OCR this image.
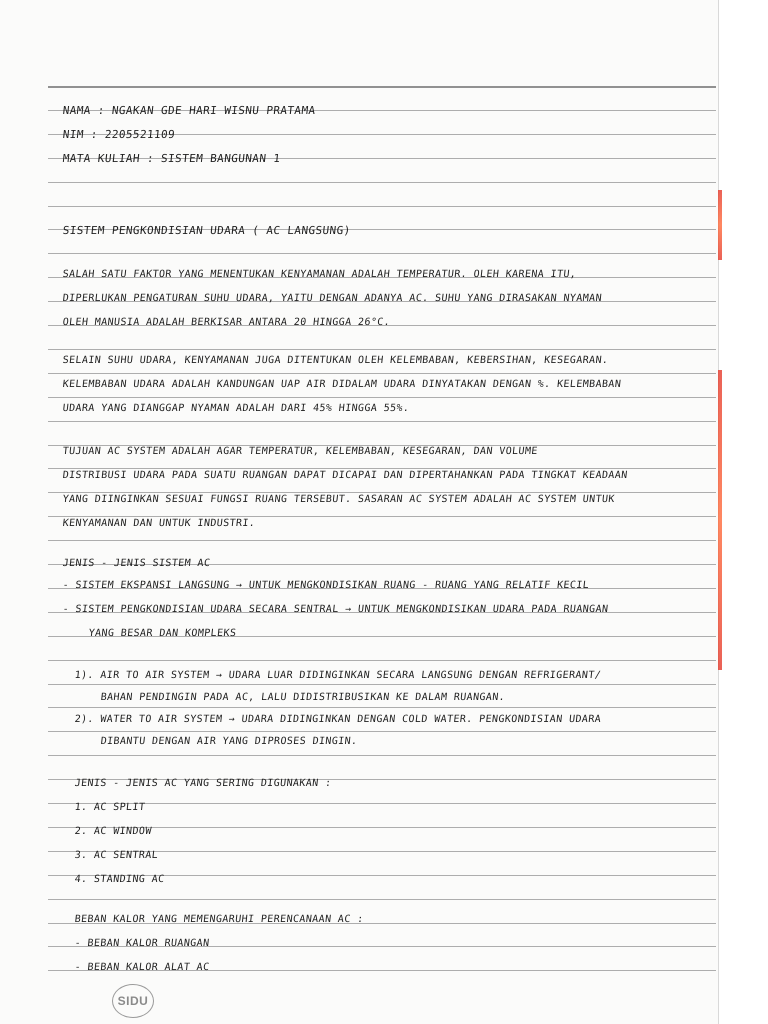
NAMA : NGAKAN GDE HARI WISNU PRATAMA
NIM : 2205521109
MATA KULIAH : SISTEM BANGUNAN 1
SISTEM PENGKONDISIAN UDARA ( AC LANGSUNG)
SALAH SATU FAKTOR YANG MENENTUKAN KENYAMANAN ADALAH TEMPERATUR. OLEH KARENA ITU,
DIPERLUKAN PENGATURAN SUHU UDARA, YAITU DENGAN ADANYA AC. SUHU YANG DIRASAKAN NYAMAN
OLEH MANUSIA ADALAH BERKISAR ANTARA 20 HINGGA 26°C.
SELAIN SUHU UDARA, KENYAMANAN JUGA DITENTUKAN OLEH KELEMBABAN, KEBERSIHAN, KESEGARAN.
KELEMBABAN UDARA ADALAH KANDUNGAN UAP AIR DIDALAM UDARA DINYATAKAN DENGAN %. KELEMBABAN
UDARA YANG DIANGGAP NYAMAN ADALAH DARI 45% HINGGA 55%.
TUJUAN AC SYSTEM ADALAH AGAR TEMPERATUR, KELEMBABAN, KESEGARAN, DAN VOLUME
DISTRIBUSI UDARA PADA SUATU RUANGAN DAPAT DICAPAI DAN DIPERTAHANKAN PADA TINGKAT KEADAAN
YANG DIINGINKAN SESUAI FUNGSI RUANG TERSEBUT. SASARAN AC SYSTEM ADALAH AC SYSTEM UNTUK
KENYAMANAN DAN UNTUK INDUSTRI.
JENIS - JENIS SISTEM AC
- SISTEM EKSPANSI LANGSUNG → UNTUK MENGKONDISIKAN RUANG - RUANG YANG RELATIF KECIL
- SISTEM PENGKONDISIAN UDARA SECARA SENTRAL → UNTUK MENGKONDISIKAN UDARA PADA RUANGAN
YANG BESAR DAN KOMPLEKS
1). AIR TO AIR SYSTEM → UDARA LUAR DIDINGINKAN SECARA LANGSUNG DENGAN REFRIGERANT/
BAHAN PENDINGIN PADA AC, LALU DIDISTRIBUSIKAN KE DALAM RUANGAN.
2). WATER TO AIR SYSTEM → UDARA DIDINGINKAN DENGAN COLD WATER. PENGKONDISIAN UDARA
DIBANTU DENGAN AIR YANG DIPROSES DINGIN.
JENIS - JENIS AC YANG SERING DIGUNAKAN :
1. AC SPLIT
2. AC WINDOW
3. AC SENTRAL
4. STANDING AC
BEBAN KALOR YANG MEMENGARUHI PERENCANAAN AC :
- BEBAN KALOR RUANGAN
- BEBAN KALOR ALAT AC
SIDU
